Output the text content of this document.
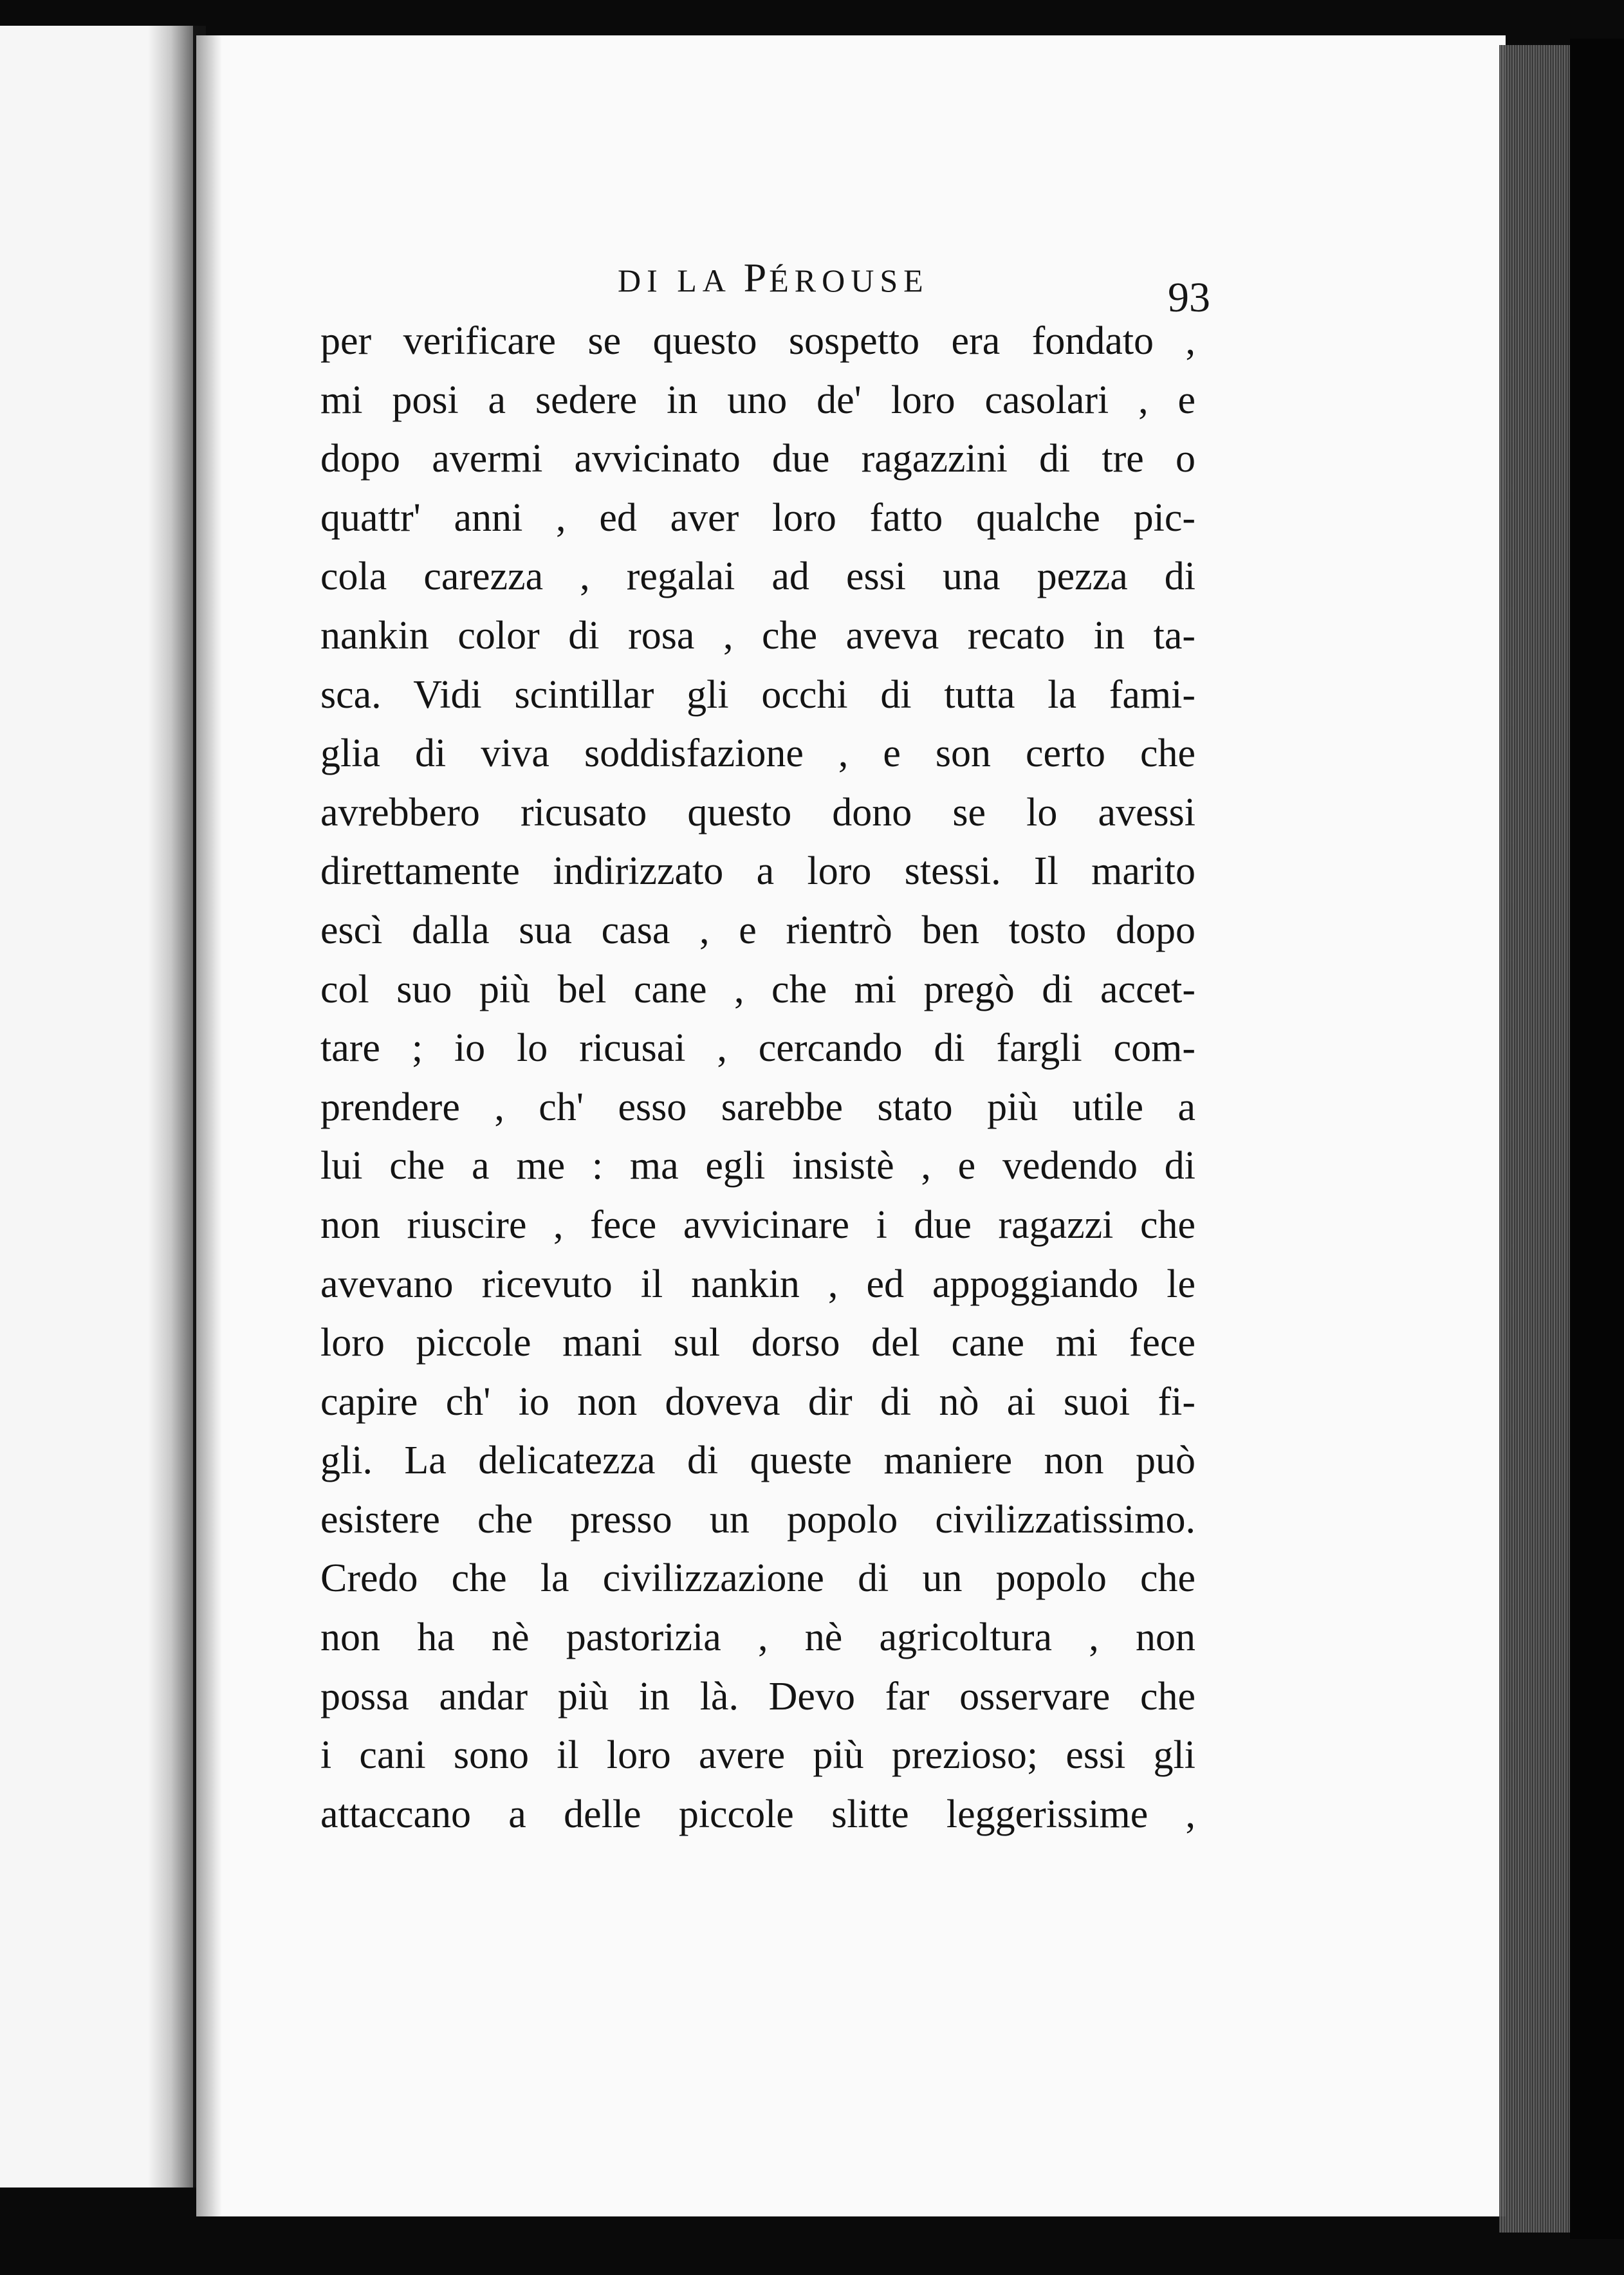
DI LA PÉROUSE	93
per verificare se questo sospetto era fondato ,
mi posi a sedere in uno de' loro casolari , e
dopo avermi avvicinato due ragazzini di tre o
quattr' anni , ed aver loro fatto qualche pic-
cola carezza , regalai ad essi una pezza di
nankin color di rosa , che aveva recato in ta-
sca. Vidi scintillar gli occhi di tutta la fami-
glia di viva soddisfazione , e son certo che
avrebbero ricusato questo dono se lo avessi
direttamente indirizzato a loro stessi. Il marito
escì dalla sua casa , e rientrò ben tosto dopo
col suo più bel cane , che mi pregò di accet-
tare ; io lo ricusai , cercando di fargli com-
prendere , ch' esso sarebbe stato più utile a
lui che a me : ma egli insistè , e vedendo di
non riuscire , fece avvicinare i due ragazzi che
avevano ricevuto il nankin , ed appoggiando le
loro piccole mani sul dorso del cane mi fece
capire ch' io non doveva dir di nò ai suoi fi-
gli. La delicatezza di queste maniere non può
esistere che presso un popolo civilizzatissimo.
Credo che la civilizzazione di un popolo che
non ha nè pastorizia , nè agricoltura , non
possa andar più in là. Devo far osservare che
i cani sono il loro avere più prezioso; essi gli
attaccano a delle piccole slitte leggerissime ,
